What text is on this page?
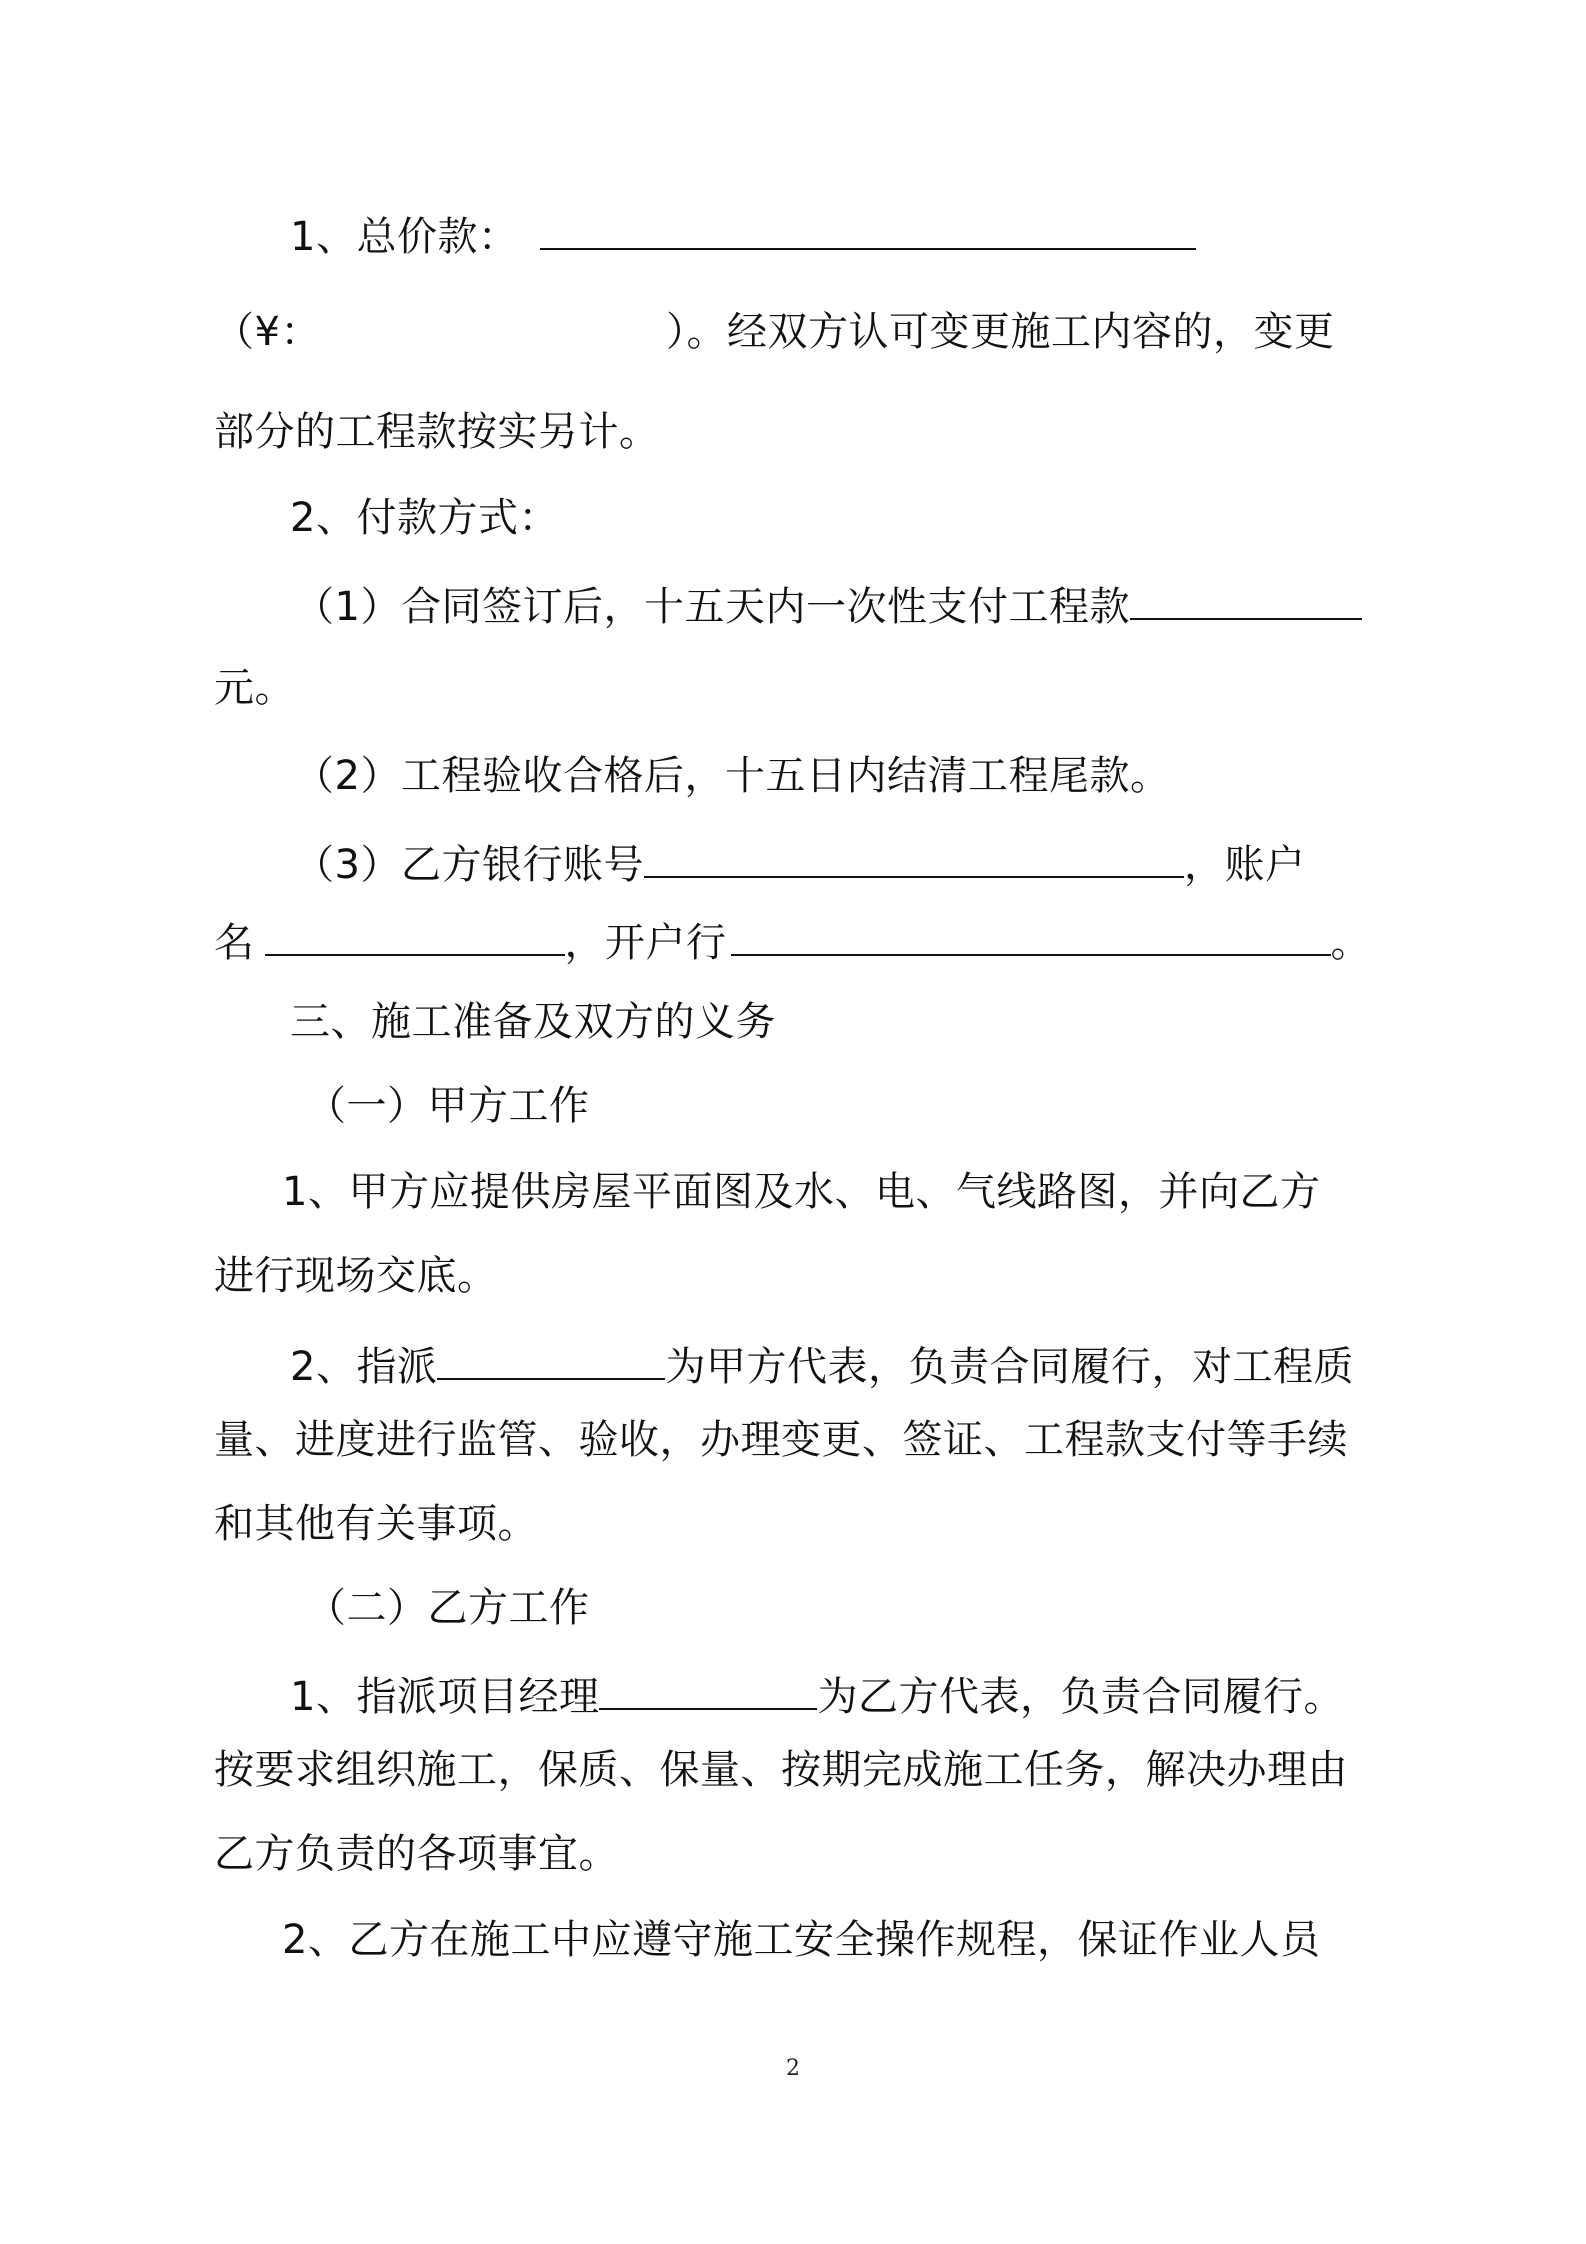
1、总价款：
（¥：	）。经双方认可变更施工内容的，变更
部分的工程款按实另计。
2、付款方式：
（1）合同签订后，十五天内一次性支付工程款
元。
（2）工程验收合格后，十五日内结清工程尾款。
（3）乙方银行账号	，账户
名	，开户行	。
三、施工准备及双方的义务
（一）甲方工作
1、甲方应提供房屋平面图及水、电、气线路图，并向乙方
进行现场交底。
2、指派	为甲方代表，负责合同履行，对工程质
量、进度进行监管、验收，办理变更、签证、工程款支付等手续
和其他有关事项。
（二）乙方工作
1、指派项目经理	为乙方代表，负责合同履行。
按要求组织施工，保质、保量、按期完成施工任务，解决办理由
乙方负责的各项事宜。
2、乙方在施工中应遵守施工安全操作规程，保证作业人员
2
